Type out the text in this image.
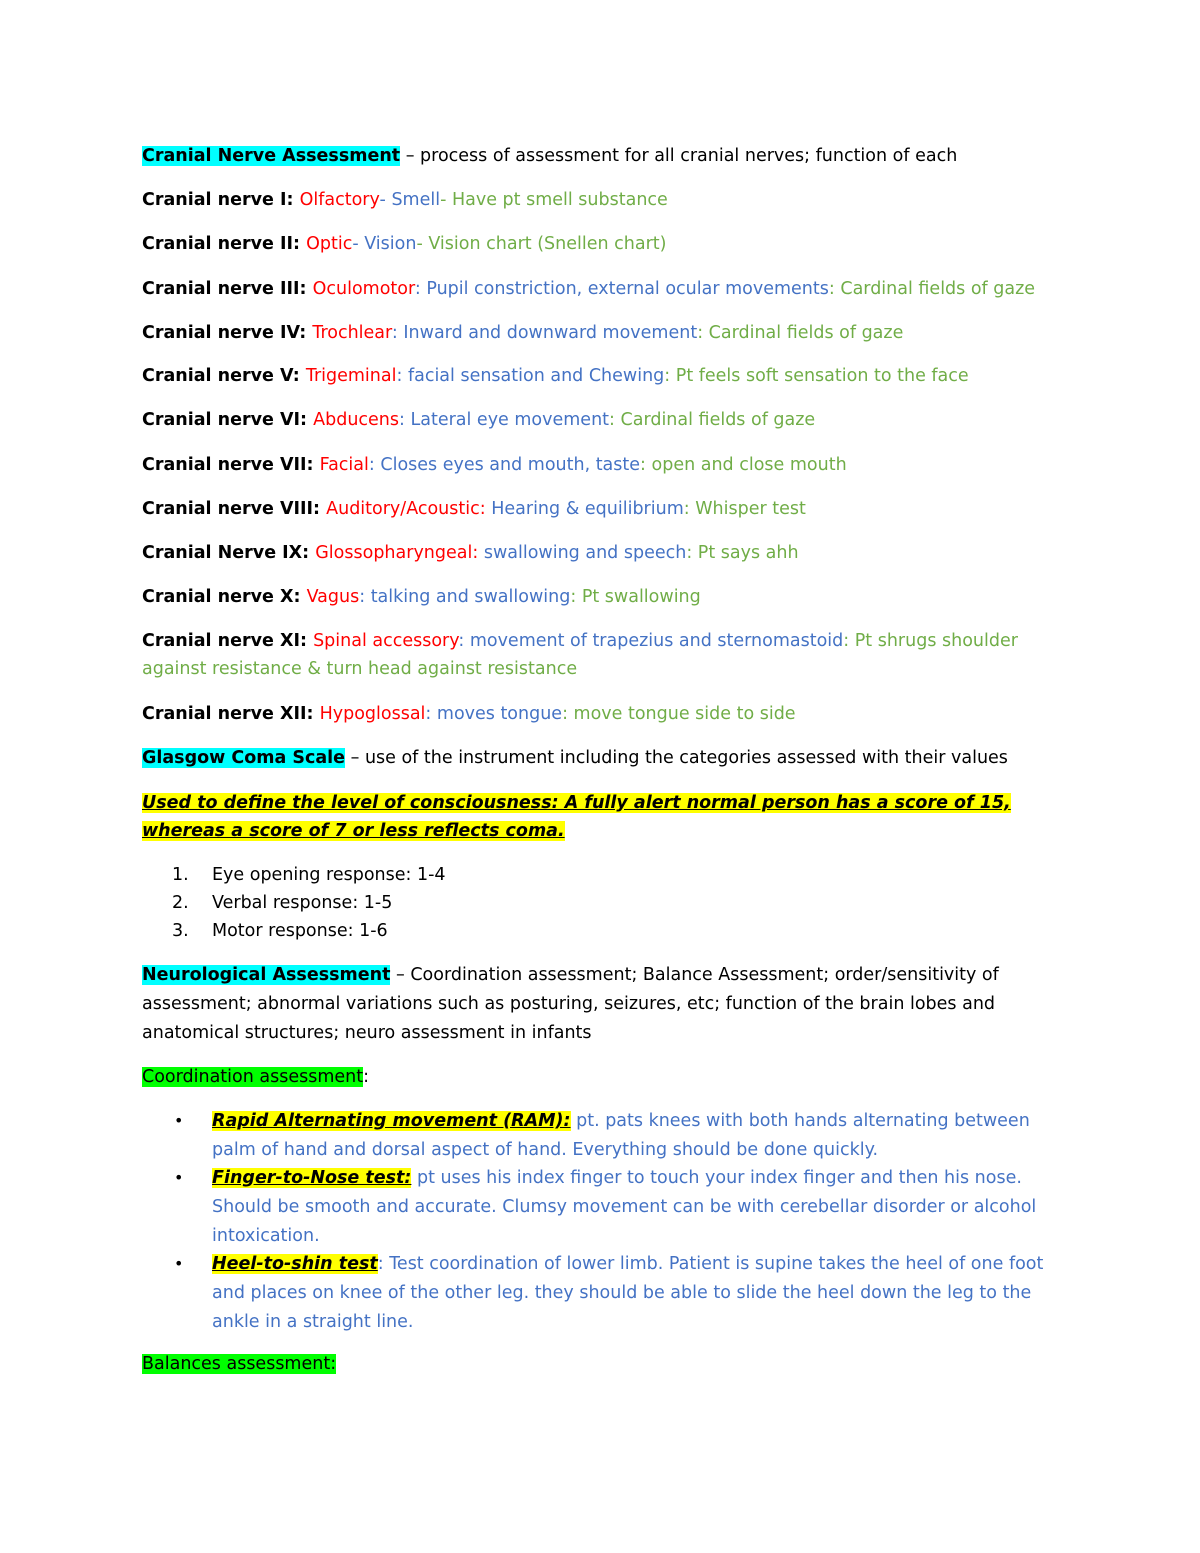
Cranial Nerve Assessment – process of assessment for all cranial nerves; function of each
Cranial nerve I: Olfactory- Smell- Have pt smell substance
Cranial nerve II: Optic- Vision- Vision chart (Snellen chart)
Cranial nerve III: Oculomotor: Pupil constriction, external ocular movements: Cardinal fields of gaze
Cranial nerve IV: Trochlear: Inward and downward movement: Cardinal fields of gaze
Cranial nerve V: Trigeminal: facial sensation and Chewing: Pt feels soft sensation to the face
Cranial nerve VI: Abducens: Lateral eye movement: Cardinal fields of gaze
Cranial nerve VII: Facial: Closes eyes and mouth, taste: open and close mouth
Cranial nerve VIII: Auditory/Acoustic: Hearing & equilibrium: Whisper test
Cranial Nerve IX: Glossopharyngeal: swallowing and speech: Pt says ahh
Cranial nerve X: Vagus: talking and swallowing: Pt swallowing
Cranial nerve XI: Spinal accessory: movement of trapezius and sternomastoid: Pt shrugs shoulder against resistance & turn head against resistance
Cranial nerve XII: Hypoglossal: moves tongue: move tongue side to side
Glasgow Coma Scale – use of the instrument including the categories assessed with their values
Used to define the level of consciousness: A fully alert normal person has a score of 15, whereas a score of 7 or less reflects coma.
1. Eye opening response: 1-4
2. Verbal response: 1-5
3. Motor response: 1-6
Neurological Assessment – Coordination assessment; Balance Assessment; order/sensitivity of assessment; abnormal variations such as posturing, seizures, etc; function of the brain lobes and anatomical structures; neuro assessment in infants
Coordination assessment:
• Rapid Alternating movement (RAM): pt. pats knees with both hands alternating between palm of hand and dorsal aspect of hand. Everything should be done quickly.
• Finger-to-Nose test: pt uses his index finger to touch your index finger and then his nose. Should be smooth and accurate. Clumsy movement can be with cerebellar disorder or alcohol intoxication.
• Heel-to-shin test: Test coordination of lower limb. Patient is supine takes the heel of one foot and places on knee of the other leg. they should be able to slide the heel down the leg to the ankle in a straight line.
Balances assessment:
